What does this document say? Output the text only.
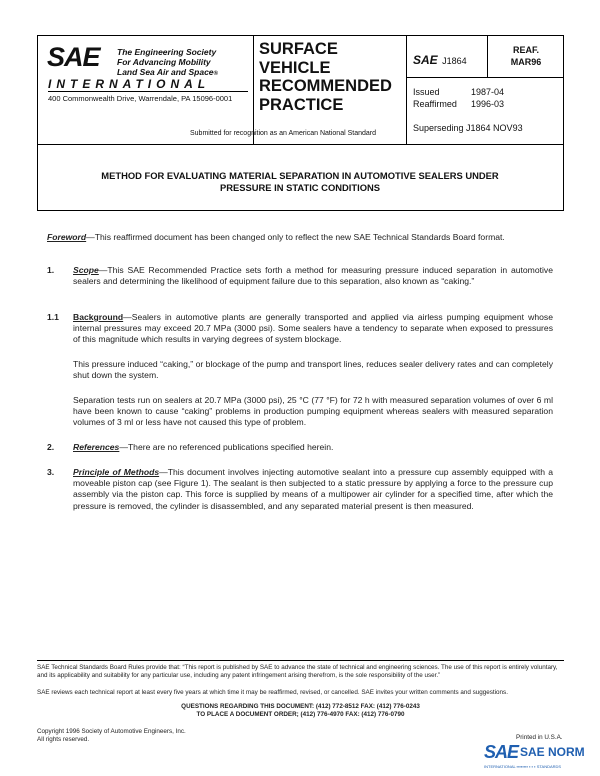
SAE The Engineering Society
For Advancing Mobility
Land Sea Air and Space®
INTERNATIONAL
400 Commonwealth Drive, Warrendale, PA 15096-0001
SURFACE
VEHICLE
RECOMMENDED
PRACTICE
Submitted for recognition as an American National Standard
SAE J1864
REAF.
MAR96
Issued	1987-04
Reaffirmed 1996-03
Superseding J1864 NOV93
METHOD FOR EVALUATING MATERIAL SEPARATION IN AUTOMOTIVE SEALERS UNDER
PRESSURE IN STATIC CONDITIONS
Foreword—This reaffirmed document has been changed only to reflect the new SAE Technical Standards Board format.
1. Scope—This SAE Recommended Practice sets forth a method for measuring pressure induced separation in automotive sealers and determining the likelihood of equipment failure due to this separation, also known as “caking.”
1.1 Background—Sealers in automotive plants are generally transported and applied via airless pumping equipment whose internal pressures may exceed 20.7 MPa (3000 psi). Some sealers have a tendency to separate when exposed to pressures of this magnitude which results in varying degrees of system blockage.
This pressure induced “caking,” or blockage of the pump and transport lines, reduces sealer delivery rates and can completely shut down the system.
Separation tests run on sealers at 20.7 MPa (3000 psi), 25 °C (77 °F) for 72 h with measured separation volumes of over 6 ml have been known to cause “caking” problems in production pumping equipment whereas sealers with measured separation volumes of 3 ml or less have not caused this type of problem.
2. References—There are no referenced publications specified herein.
3. Principle of Methods—This document involves injecting automotive sealant into a pressure cup assembly equipped with a moveable piston cap (see Figure 1). The sealant is then subjected to a static pressure by applying a force to the pressure cup assembly via the piston cap. This force is supplied by means of a multipower air cylinder for a specified time, after which the pressure is removed, the cylinder is disassembled, and any separated material present is then measured.
SAE Technical Standards Board Rules provide that: “This report is published by SAE to advance the state of technical and engineering sciences. The use of this report is entirely voluntary, and its applicability and suitability for any particular use, including any patent infringement arising therefrom, is the sole responsibility of the user.”
SAE reviews each technical report at least every five years at which time it may be reaffirmed, revised, or cancelled. SAE invites your written comments and suggestions.
QUESTIONS REGARDING THIS DOCUMENT: (412) 772-8512 FAX: (412) 776-0243
TO PLACE A DOCUMENT ORDER; (412) 776-4970 FAX: (412) 776-0790
Copyright 1996 Society of Automotive Engineers, Inc.
All rights reserved.	Printed in U.S.A.
SAE SAE NORM
INTERNATIONAL ▪▪▪▪▪▪▪▪ ▪ ▪ ▪ STANDARDS
